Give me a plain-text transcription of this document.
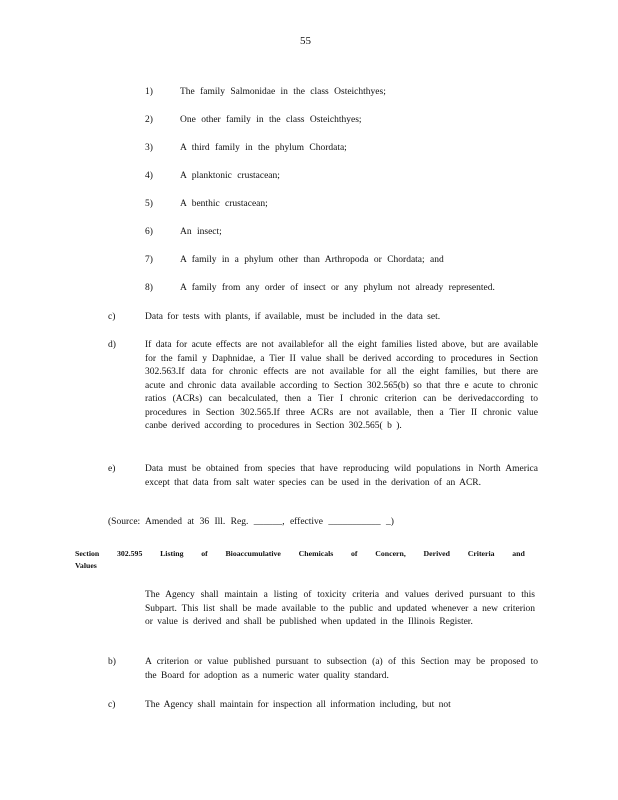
55
1)	The family Salmonidae in the class Osteichthyes;
2)	One other family in the class Osteichthyes;
3)	A third family in the phylum Chordata;
4)	A planktonic crustacean;
5)	A benthic crustacean;
6)	An insect;
7)	A family in a phylum other than Arthropoda or Chordata; and
8)	A family from any order of insect or any phylum not already represented.
c)	Data for tests with plants, if available, must be included in the data set.
d)	If data for acute effects are not availablefor all the eight families listed above, but are available for the famil y Daphnidae, a Tier II value shall be derived according to procedures in Section 302.563.If data for chronic effects are not available for all the eight families, but there are acute and chronic data available according to Section 302.565(b) so that thre e acute to chronic ratios (ACRs) can becalculated, then a Tier I chronic criterion can be derivedaccording to procedures in Section 302.565.If three ACRs are not available, then a Tier II chronic value canbe derived according to procedures in Section 302.565( b ).
e)	Data must be obtained from species that have reproducing wild populations in North America except that data from salt water species can be used in the derivation of an ACR.
(Source: Amended at 36 Ill. Reg. ______, effective ___________ _)
Section 302.595 Listing of Bioaccumulative Chemicals of Concern, Derived Criteria and
Values
The Agency shall maintain a listing of toxicity criteria and values derived pursuant to this Subpart. This list shall be made available to the public and updated whenever a new criterion or value is derived and shall be published when updated in the Illinois Register.
b)	A criterion or value published pursuant to subsection (a) of this Section may be proposed to the Board for adoption as a numeric water quality standard.
c)	The Agency shall maintain for inspection all information including, but not
